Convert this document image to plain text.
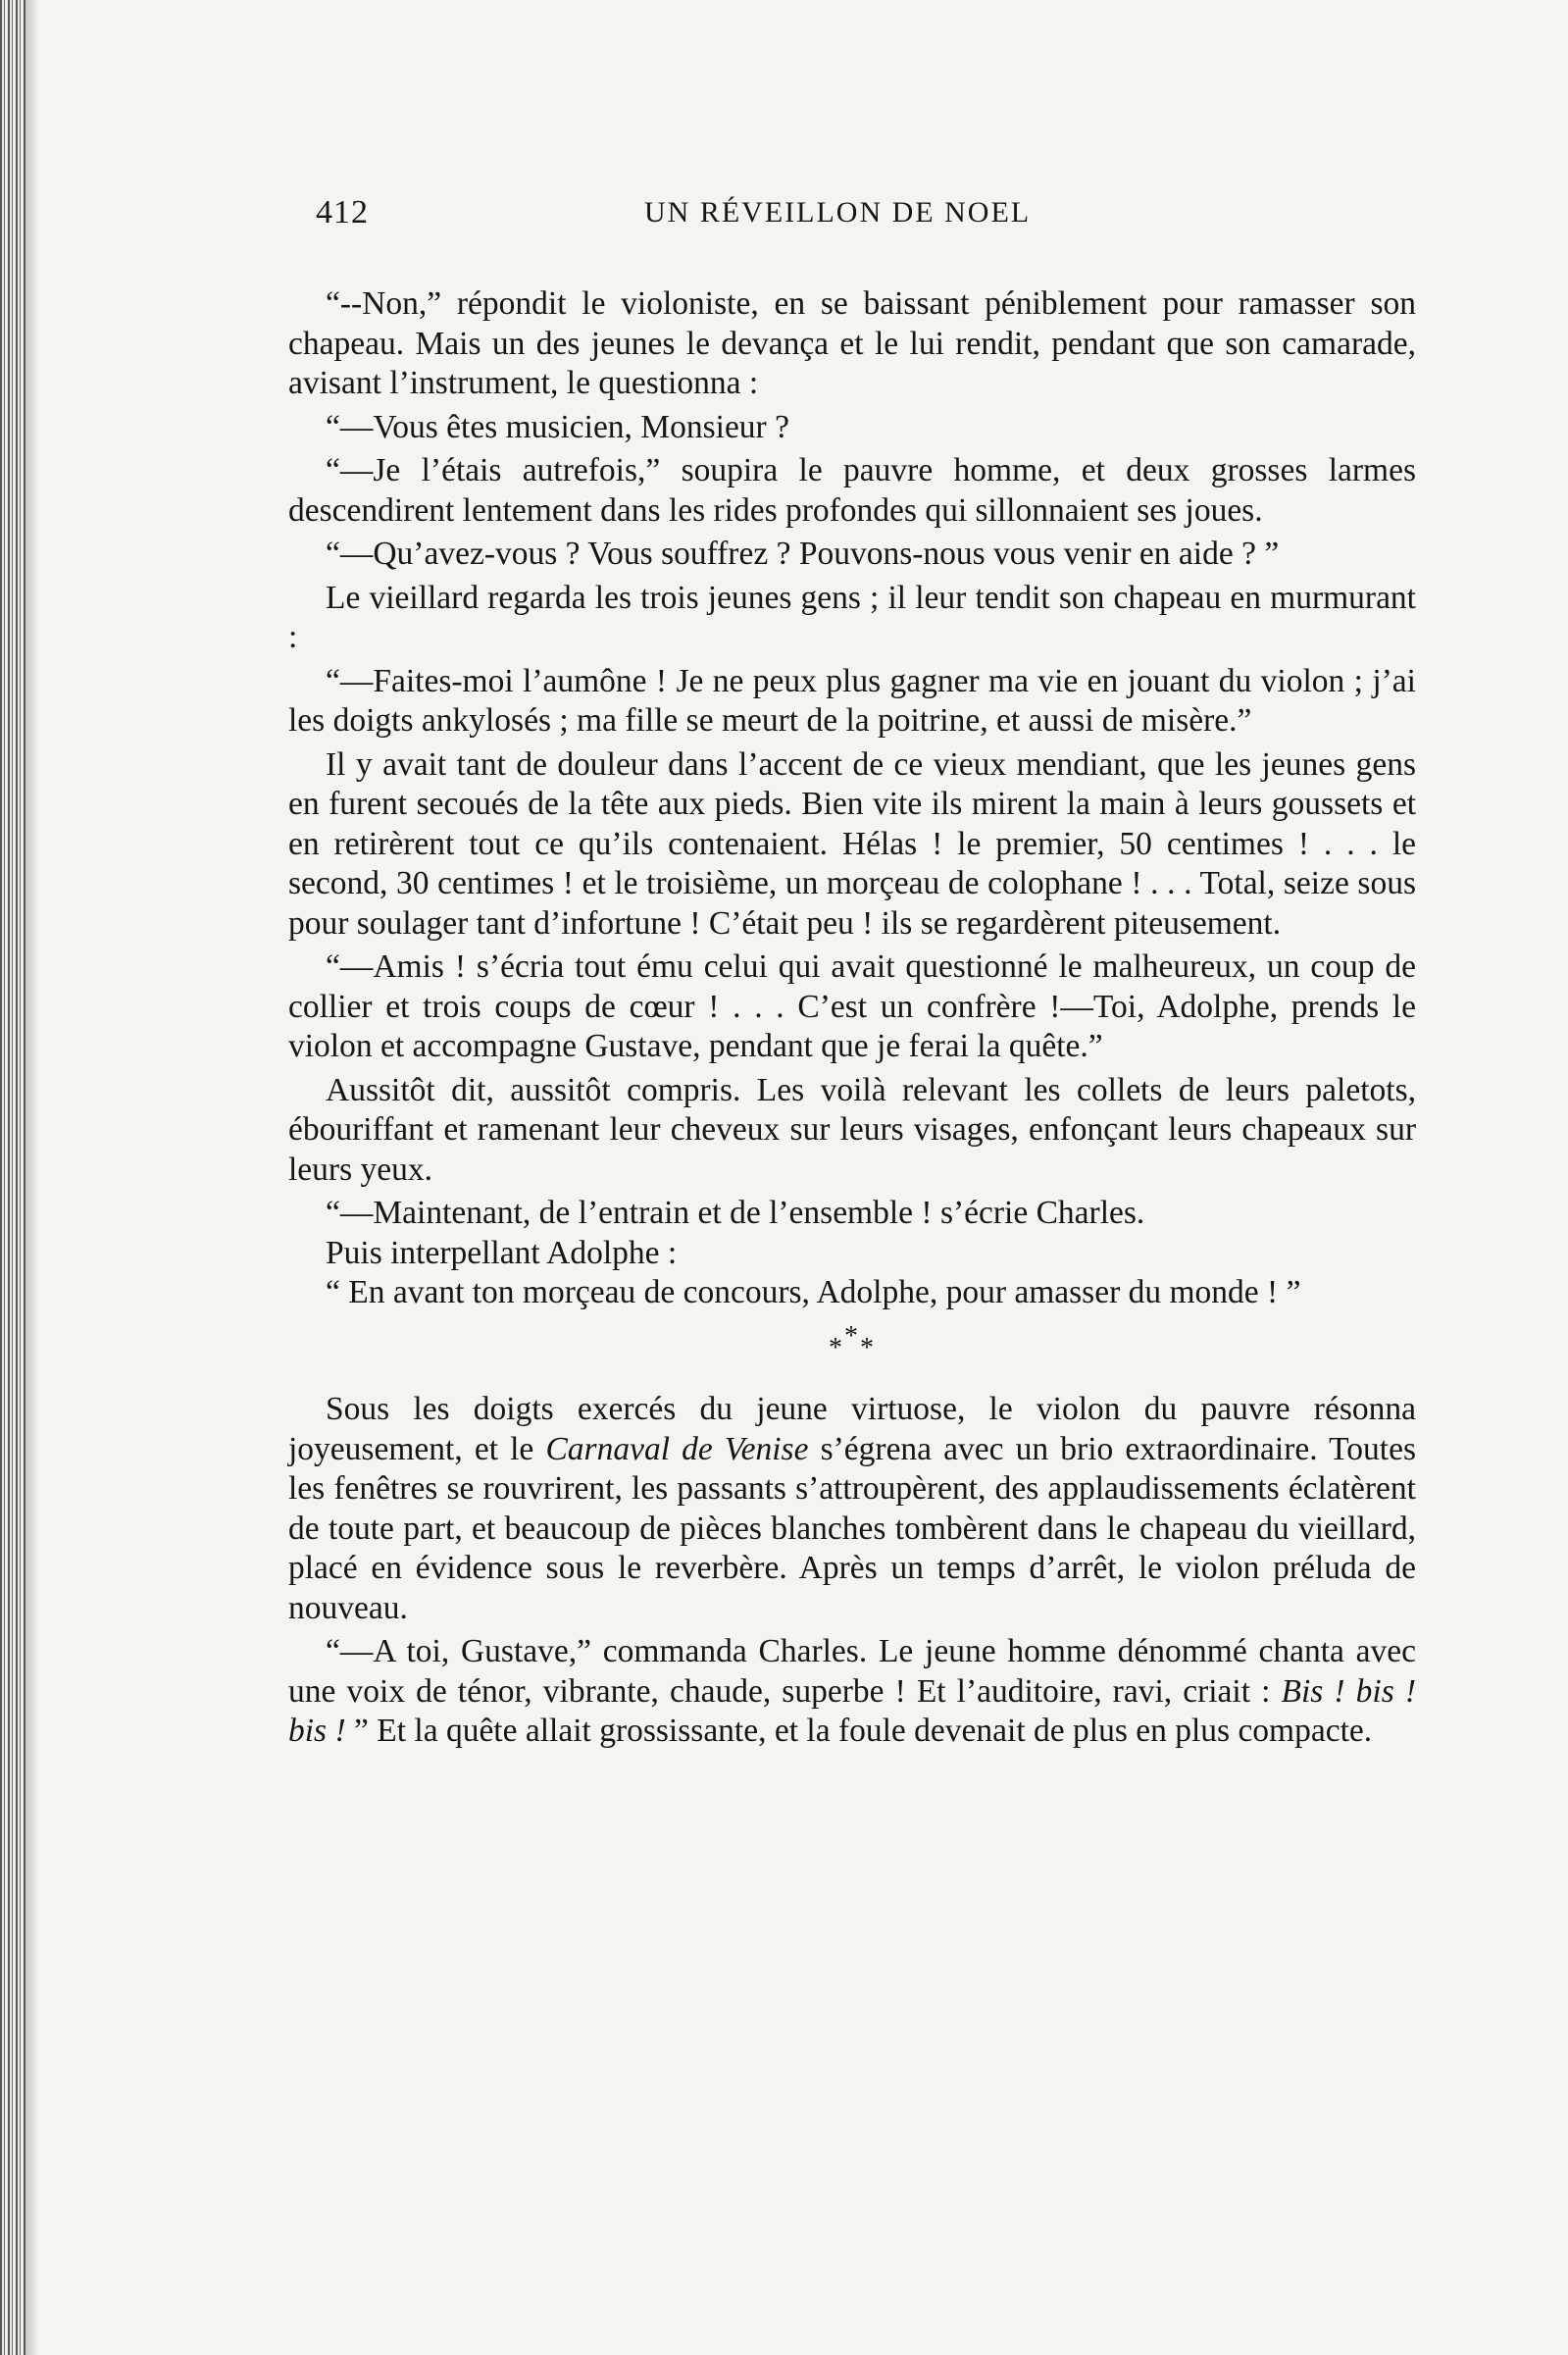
412	UN RÉVEILLON DE NOEL

“--Non,” répondit le violoniste, en se baissant péniblement pour ramasser son chapeau. Mais un des jeunes le devança et le lui rendit, pendant que son camarade, avisant l’instrument, le questionna :

“—Vous êtes musicien, Monsieur ?

“—Je l’étais autrefois,” soupira le pauvre homme, et deux grosses larmes descendirent lentement dans les rides profondes qui sillonnaient ses joues.

“—Qu’avez-vous ? Vous souffrez ? Pouvons-nous vous venir en aide ? ”

Le vieillard regarda les trois jeunes gens ; il leur tendit son chapeau en murmurant :

“—Faites-moi l’aumône ! Je ne peux plus gagner ma vie en jouant du violon ; j’ai les doigts ankylosés ; ma fille se meurt de la poitrine, et aussi de misère.”

Il y avait tant de douleur dans l’accent de ce vieux mendiant, que les jeunes gens en furent secoués de la tête aux pieds. Bien vite ils mirent la main à leurs goussets et en retirèrent tout ce qu’ils contenaient. Hélas ! le premier, 50 centimes ! . . . le second, 30 centimes ! et le troisième, un morçeau de colophane ! . . . Total, seize sous pour soulager tant d’infortune ! C’était peu ! ils se regardèrent piteusement.

“—Amis ! s’écria tout ému celui qui avait questionné le malheureux, un coup de collier et trois coups de cœur ! . . . C’est un confrère !—Toi, Adolphe, prends le violon et accompagne Gustave, pendant que je ferai la quête.”

Aussitôt dit, aussitôt compris. Les voilà relevant les collets de leurs paletots, ébouriffant et ramenant leur cheveux sur leurs visages, enfonçant leurs chapeaux sur leurs yeux.

“—Maintenant, de l’entrain et de l’ensemble ! s’écrie Charles.

Puis interpellant Adolphe :

“ En avant ton morçeau de concours, Adolphe, pour amasser du monde ! ”

***

Sous les doigts exercés du jeune virtuose, le violon du pauvre résonna joyeusement, et le Carnaval de Venise s’égrena avec un brio extraordinaire. Toutes les fenêtres se rouvrirent, les passants s’attroupèrent, des applaudissements éclatèrent de toute part, et beaucoup de pièces blanches tombèrent dans le chapeau du vieillard, placé en évidence sous le reverbère. Après un temps d’arrêt, le violon préluda de nouveau.

“—A toi, Gustave,” commanda Charles. Le jeune homme dénommé chanta avec une voix de ténor, vibrante, chaude, superbe ! Et l’auditoire, ravi, criait : Bis ! bis ! bis ! ” Et la quête allait grossissante, et la foule devenait de plus en plus compacte.
